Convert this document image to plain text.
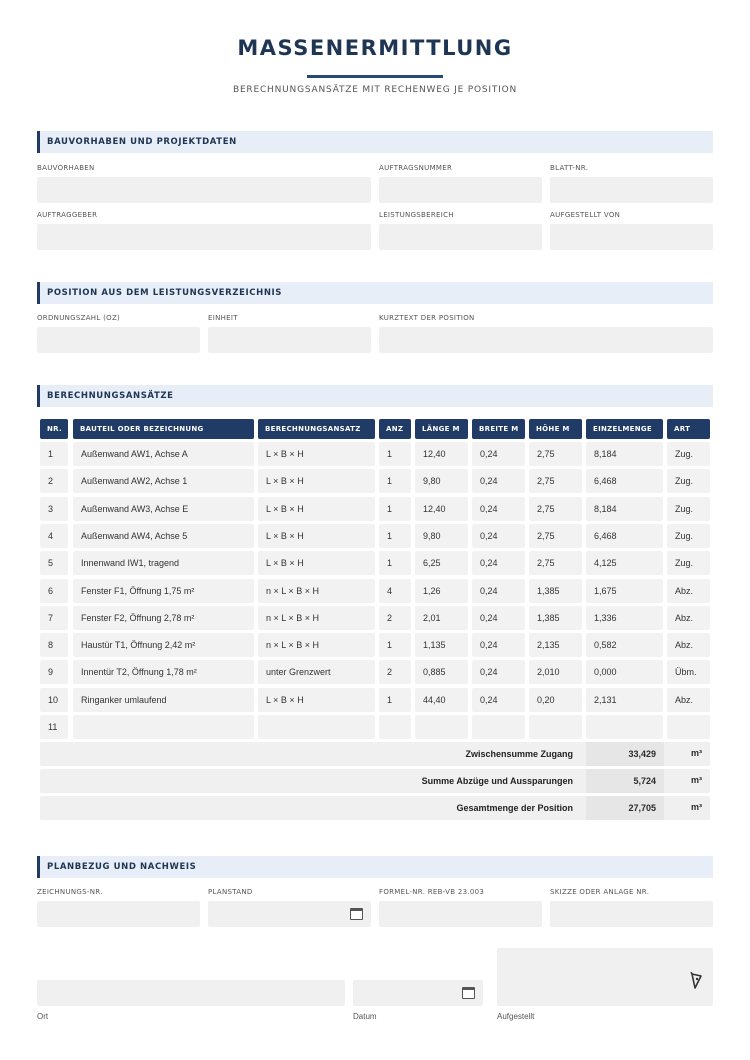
MASSENERMITTLUNG
BERECHNUNGSANSÄTZE MIT RECHENWEG JE POSITION
BAUVORHABEN UND PROJEKTDATEN
BAUVORHABEN	AUFTRAGSNUMMER	BLATT-NR.
AUFTRAGGEBER	LEISTUNGSBEREICH	AUFGESTELLT VON
POSITION AUS DEM LEISTUNGSVERZEICHNIS
ORDNUNGSZAHL (OZ)	EINHEIT	KURZTEXT DER POSITION
BERECHNUNGSANSÄTZE
NR.	BAUTEIL ODER BEZEICHNUNG	BERECHNUNGSANSATZ	ANZ	LÄNGE M	BREITE M	HÖHE M	EINZELMENGE	ART
1	Außenwand AW1, Achse A	L × B × H	1	12,40	0,24	2,75	8,184	Zug.
2	Außenwand AW2, Achse 1	L × B × H	1	9,80	0,24	2,75	6,468	Zug.
3	Außenwand AW3, Achse E	L × B × H	1	12,40	0,24	2,75	8,184	Zug.
4	Außenwand AW4, Achse 5	L × B × H	1	9,80	0,24	2,75	6,468	Zug.
5	Innenwand IW1, tragend	L × B × H	1	6,25	0,24	2,75	4,125	Zug.
6	Fenster F1, Öffnung 1,75 m²	n × L × B × H	4	1,26	0,24	1,385	1,675	Abz.
7	Fenster F2, Öffnung 2,78 m²	n × L × B × H	2	2,01	0,24	1,385	1,336	Abz.
8	Haustür T1, Öffnung 2,42 m²	n × L × B × H	1	1,135	0,24	2,135	0,582	Abz.
9	Innentür T2, Öffnung 1,78 m²	unter Grenzwert	2	0,885	0,24	2,010	0,000	Übm.
10	Ringanker umlaufend	L × B × H	1	44,40	0,24	0,20	2,131	Abz.
11
Zwischensumme Zugang	33,429	m³
Summe Abzüge und Aussparungen	5,724	m³
Gesamtmenge der Position	27,705	m³
PLANBEZUG UND NACHWEIS
ZEICHNUNGS-NR.	PLANSTAND	FORMEL-NR. REB-VB 23.003	SKIZZE ODER ANLAGE NR.
Ort	Datum	Aufgestellt
